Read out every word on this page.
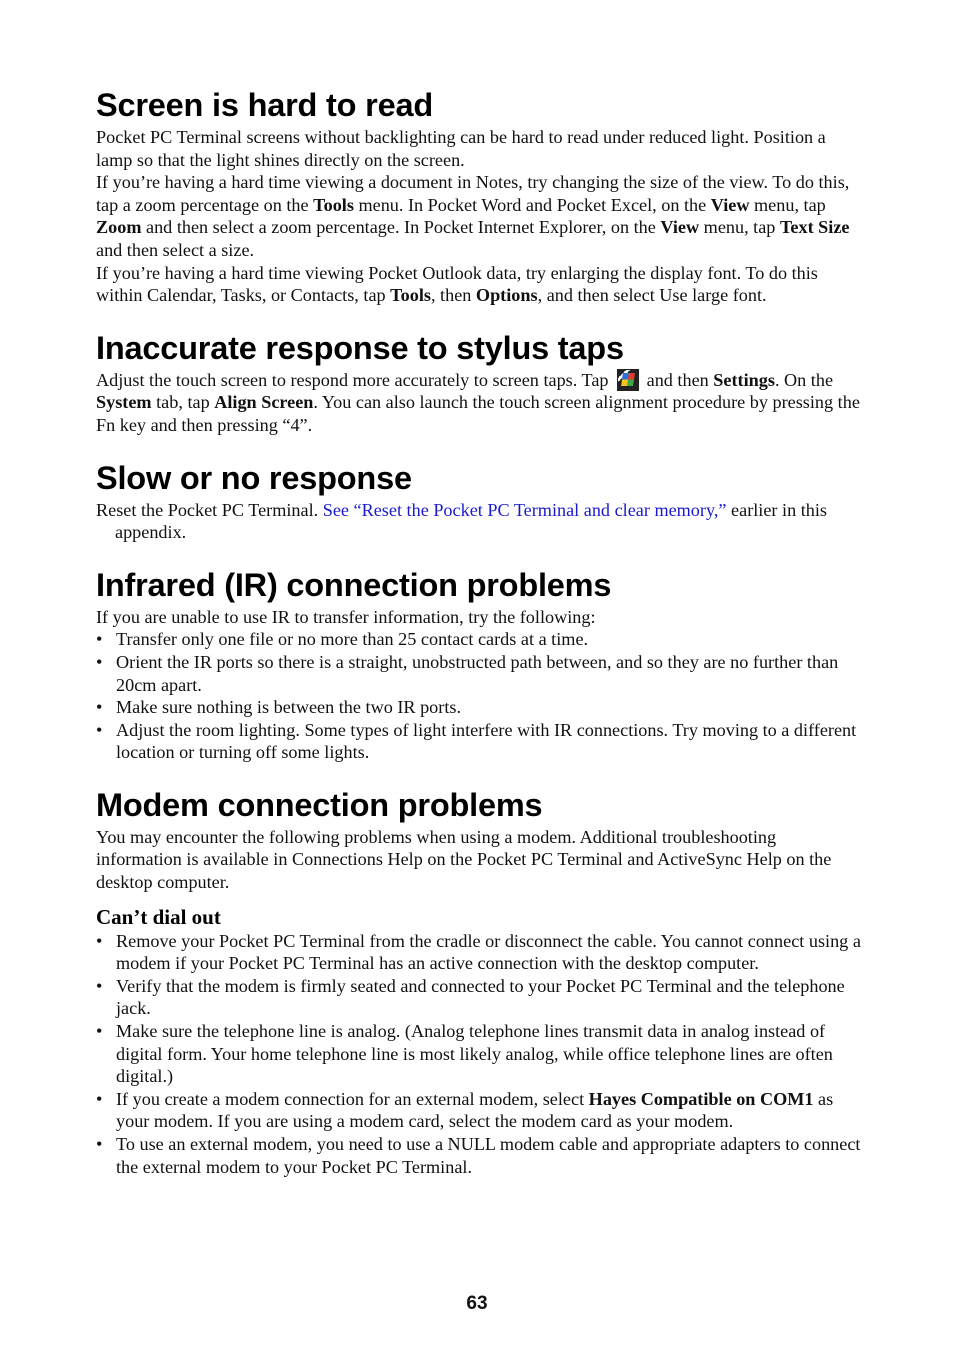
Screen is hard to read

Pocket PC Terminal screens without backlighting can be hard to read under reduced light. Position a lamp so that the light shines directly on the screen.

If you’re having a hard time viewing a document in Notes, try changing the size of the view. To do this, tap a zoom percentage on the Tools menu. In Pocket Word and Pocket Excel, on the View menu, tap Zoom and then select a zoom percentage. In Pocket Internet Explorer, on the View menu, tap Text Size and then select a size.

If you’re having a hard time viewing Pocket Outlook data, try enlarging the display font. To do this within Calendar, Tasks, or Contacts, tap Tools, then Options, and then select Use large font.

Inaccurate response to stylus taps

Adjust the touch screen to respond more accurately to screen taps. Tap  and then Settings. On the System tab, tap Align Screen. You can also launch the touch screen alignment procedure by pressing the Fn key and then pressing “4”.

Slow or no response

Reset the Pocket PC Terminal. See “Reset the Pocket PC Terminal and clear memory,” earlier in this appendix.

Infrared (IR) connection problems

If you are unable to use IR to transfer information, try the following:

• Transfer only one file or no more than 25 contact cards at a time.
• Orient the IR ports so there is a straight, unobstructed path between, and so they are no further than 20cm apart.
• Make sure nothing is between the two IR ports.
• Adjust the room lighting. Some types of light interfere with IR connections. Try moving to a different location or turning off some lights.
Modem connection problems

You may encounter the following problems when using a modem. Additional troubleshooting information is available in Connections Help on the Pocket PC Terminal and ActiveSync Help on the desktop computer.

Can’t dial out
• Remove your Pocket PC Terminal from the cradle or disconnect the cable. You cannot connect using a modem if your Pocket PC Terminal has an active connection with the desktop computer.
• Verify that the modem is firmly seated and connected to your Pocket PC Terminal and the telephone jack.
• Make sure the telephone line is analog. (Analog telephone lines transmit data in analog instead of digital form. Your home telephone line is most likely analog, while office telephone lines are often digital.)
• If you create a modem connection for an external modem, select Hayes Compatible on COM1 as your modem. If you are using a modem card, select the modem card as your modem.
• To use an external modem, you need to use a NULL modem cable and appropriate adapters to connect the external modem to your Pocket PC Terminal.
63
